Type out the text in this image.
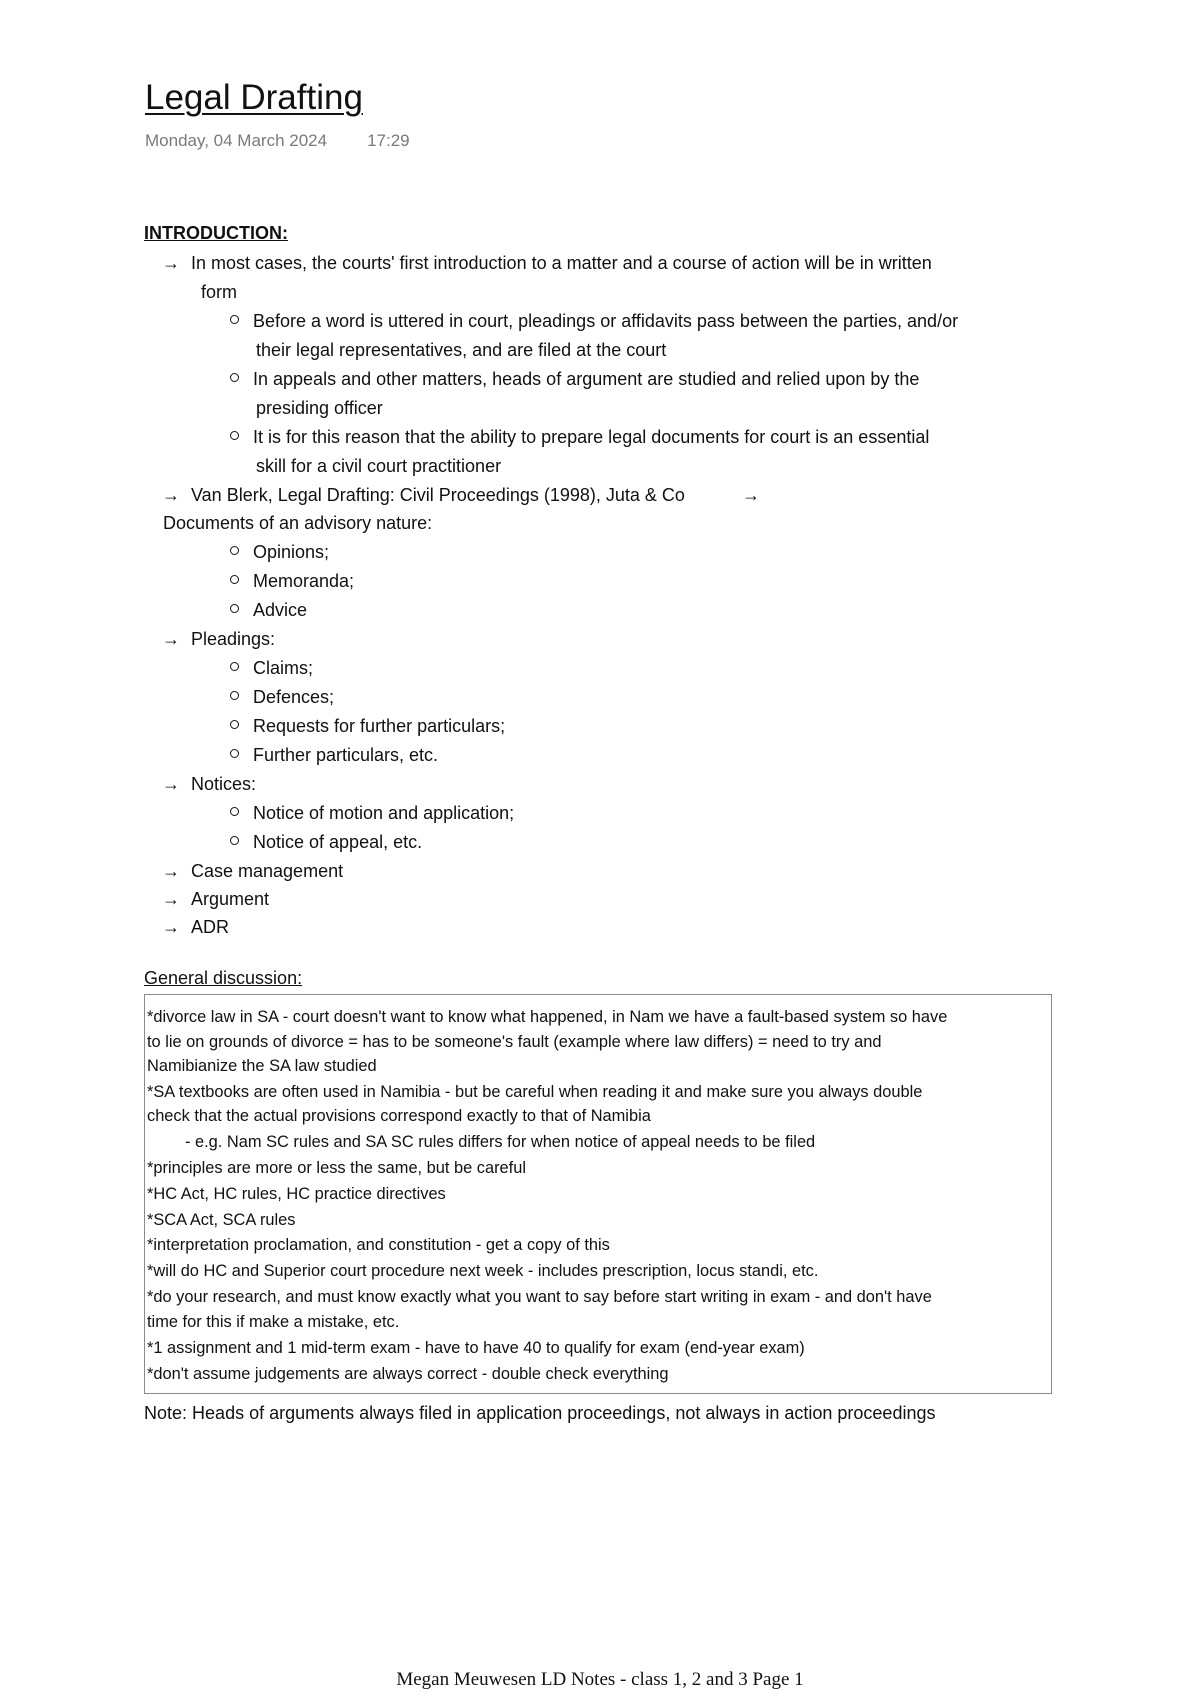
Legal Drafting
Monday, 04 March 2024 17:29
INTRODUCTION:
→ In most cases, the courts' first introduction to a matter and a course of action will be in written
form
Before a word is uttered in court, pleadings or affidavits pass between the parties, and/or
their legal representatives, and are filed at the court
In appeals and other matters, heads of argument are studied and relied upon by the
presiding officer
It is for this reason that the ability to prepare legal documents for court is an essential
skill for a civil court practitioner
→ Van Blerk, Legal Drafting: Civil Proceedings (1998), Juta & Co	→
Documents of an advisory nature:
Opinions;
Memoranda;
Advice
→ Pleadings:
Claims;
Defences;
Requests for further particulars;
Further particulars, etc.
→ Notices:
Notice of motion and application;
Notice of appeal, etc.
→ Case management
→ Argument
→ ADR
General discussion:
*divorce law in SA - court doesn't want to know what happened, in Nam we have a fault-based system so have
to lie on grounds of divorce = has to be someone's fault (example where law differs) = need to try and
Namibianize the SA law studied
*SA textbooks are often used in Namibia - but be careful when reading it and make sure you always double
check that the actual provisions correspond exactly to that of Namibia
- e.g. Nam SC rules and SA SC rules differs for when notice of appeal needs to be filed
*principles are more or less the same, but be careful
*HC Act, HC rules, HC practice directives
*SCA Act, SCA rules
*interpretation proclamation, and constitution - get a copy of this
*will do HC and Superior court procedure next week - includes prescription, locus standi, etc.
*do your research, and must know exactly what you want to say before start writing in exam - and don't have
time for this if make a mistake, etc.
*1 assignment and 1 mid-term exam - have to have 40 to qualify for exam (end-year exam)
*don't assume judgements are always correct - double check everything
Note: Heads of arguments always filed in application proceedings, not always in action proceedings
Megan Meuwesen LD Notes - class 1, 2 and 3 Page 1
